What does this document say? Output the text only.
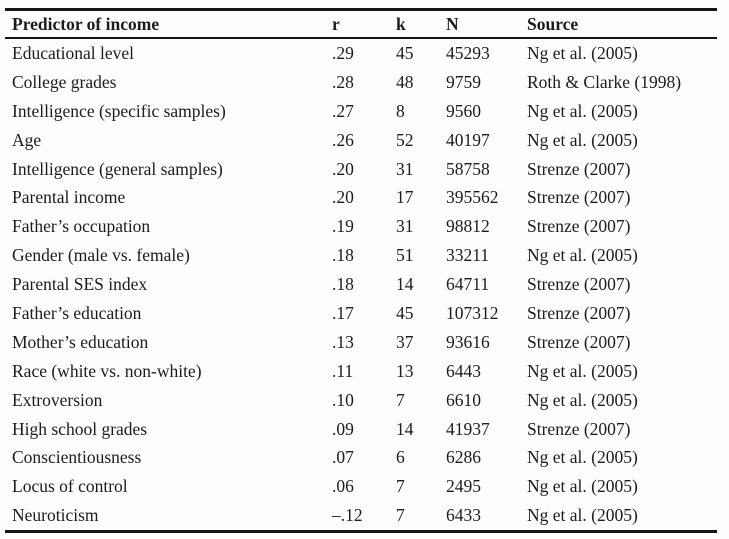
Predictor of income	r	k	N	Source
Educational level	.29	45	45293	Ng et al. (2005)
College grades	.28	48	9759	Roth & Clarke (1998)
Intelligence (specific samples)	.27	8	9560	Ng et al. (2005)
Age	.26	52	40197	Ng et al. (2005)
Intelligence (general samples)	.20	31	58758	Strenze (2007)
Parental income	.20	17	395562	Strenze (2007)
Father’s occupation	.19	31	98812	Strenze (2007)
Gender (male vs. female)	.18	51	33211	Ng et al. (2005)
Parental SES index	.18	14	64711	Strenze (2007)
Father’s education	.17	45	107312	Strenze (2007)
Mother’s education	.13	37	93616	Strenze (2007)
Race (white vs. non-white)	.11	13	6443	Ng et al. (2005)
Extroversion	.10	7	6610	Ng et al. (2005)
High school grades	.09	14	41937	Strenze (2007)
Conscientiousness	.07	6	6286	Ng et al. (2005)
Locus of control	.06	7	2495	Ng et al. (2005)
Neuroticism	–.12	7	6433	Ng et al. (2005)
